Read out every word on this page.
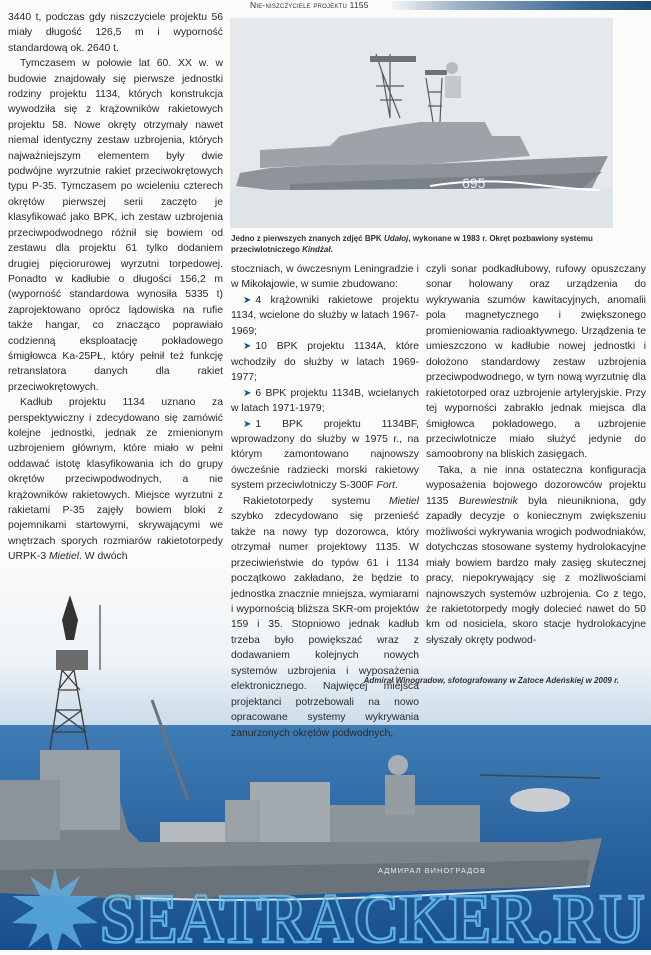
Nie-niszczyciele projektu 1155

3440 t, podczas gdy niszczyciele projektu 56 miały długość 126,5 m i wyporność standardową ok. 2640 t.

Tymczasem w połowie lat 60. XX w. w budowie znajdowały się pierwsze jednostki rodziny projektu 1134, których konstrukcja wywodziła się z krążowników rakietowych projektu 58. Nowe okręty otrzymały nawet niemal identyczny zestaw uzbrojenia, których najważniejszym elementem były dwie podwójne wyrzutnie rakiet przeciwokrętowych typu P-35. Tymczasem po wcieleniu czterech okrętów pierwszej serii zaczęto je klasyfikować jako BPK, ich zestaw uzbrojenia przeciwpodwodnego różnił się bowiem od zestawu dla projektu 61 tylko dodaniem drugiej pięciorurowej wyrzutni torpedowej. Ponadto w kadłubie o długości 156,2 m (wyporność standardowa wynosiła 5335 t) zaprojektowano oprócz lądowiska na rufie także hangar, co znacząco poprawiało codzienną eksploatację pokładowego śmigłowca Ka-25PŁ, który pełnił też funkcję retranslatora danych dla rakiet przeciwokrętowych.

Kadłub projektu 1134 uznano za perspektywiczny i zdecydowano się zamówić kolejne jednostki, jednak ze zmienionym uzbrojeniem głównym, które miało w pełni oddawać istotę klasyfikowania ich do grupy okrętów przeciwpodwodnych, a nie krążowników rakietowych. Miejsce wyrzutni z rakietami P-35 zajęły bowiem bloki z pojemnikami startowymi, skrywającymi we wnętrzach sporych rozmiarów rakietotorpedy URPK-3 Mietiel. W dwóch

695
Jedno z pierwszych znanych zdjęć BPK Udałoj, wykonane w 1983 r. Okręt pozbawiony systemu przeciwlotniczego Kindżał.

stoczniach, w ówczesnym Leningradzie i w Mikołajowie, w sumie zbudowano:

➤ 4 krążowniki rakietowe projektu 1134, wcielone do służby w latach 1967-1969;

➤ 10 BPK projektu 1134A, które wchodziły do służby w latach 1969-1977;

➤ 6 BPK projektu 1134B, wcielanych w latach 1971-1979;

➤ 1 BPK projektu 1134BF, wprowadzony do służby w 1975 r., na którym zamontowano najnowszy ówcześnie radziecki morski rakietowy system przeciwlotniczy S-300F Fort.

Rakietotorpedy systemu Mietiel szybko zdecydowano się przenieść także na nowy typ dozorowca, który otrzymał numer projektowy 1135. W przeciwieństwie do typów 61 i 1134 początkowo zakładano, że będzie to jednostka znacznie mniejsza, wymiarami i wypornością bliższa SKR-om projektów 159 i 35. Stopniowo jednak kadłub trzeba było powiększać wraz z dodawaniem kolejnych nowych systemów uzbrojenia i wyposażenia elektronicznego. Najwięcej miejsca projektanci potrzebowali na nowo opracowane systemy wykrywania zanurzonych okrętów podwodnych,

czyli sonar podkadłubowy, rufowy opuszczany sonar holowany oraz urządzenia do wykrywania szumów kawitacyjnych, anomalii pola magnetycznego i zwiększonego promieniowania radioaktywnego. Urządzenia te umieszczono w kadłubie nowej jednostki i dołożono standardowy zestaw uzbrojenia przeciwpodwodnego, w tym nową wyrzutnię dla rakietotorped oraz uzbrojenie artyleryjskie. Przy tej wyporności zabrakło jednak miejsca dla śmigłowca pokładowego, a uzbrojenie przeciwlotnicze miało służyć jedynie do samoobrony na bliskich zasięgach.

Taka, a nie inna ostateczna konfiguracja wyposażenia bojowego dozorowców projektu 1135 Burewiestnik była nieunikniona, gdy zapadły decyzje o koniecznym zwiększeniu możliwości wykrywania wrogich podwodniaków, dotychczas stosowane systemy hydrolokacyjne miały bowiem bardzo mały zasięg skutecznej pracy, niepokrywający się z możliwościami najnowszych systemów uzbrojenia. Co z tego, że rakietotorpedy mogły dolecieć nawet do 50 km od nosiciela, skoro stacje hydrolokacyjne słyszały okręty podwod-

Admirał Winogradow, sfotografowany w Zatoce Adeńskiej w 2009 r.
АДМИРАЛ ВИНОГРАДОВ
SEATRACKER.RU
